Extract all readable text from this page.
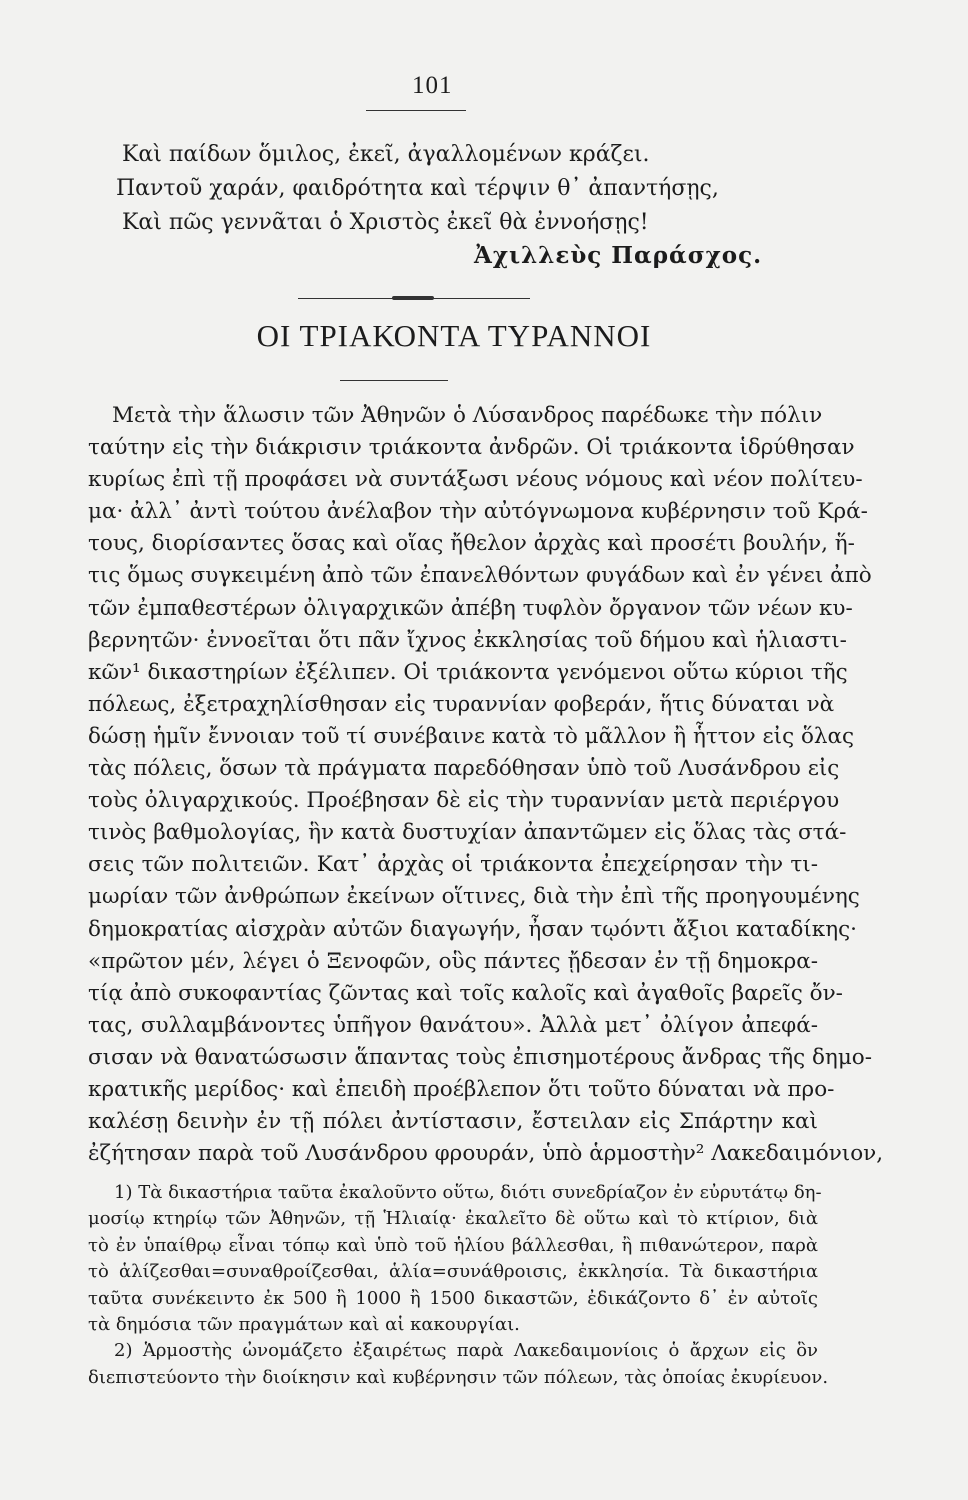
101
Καὶ παίδων ὅμιλος, ἐκεῖ, ἀγαλλομένων κράζει.
Παντοῦ χαράν, φαιδρότητα καὶ τέρψιν θ᾽ ἀπαντήσῃς,
Καὶ πῶς γεννᾶται ὁ Χριστὸς ἐκεῖ θὰ ἐννοήσῃς!
Ἀχιλλεὺς Παράσχος.
ΟΙ ΤΡΙΑΚΟΝΤΑ ΤΥΡΑΝΝΟΙ
Μετὰ τὴν ἅλωσιν τῶν Ἀθηνῶν ὁ Λύσανδρος παρέδωκε τὴν πόλιν
ταύτην εἰς τὴν διάκρισιν τριάκοντα ἀνδρῶν. Οἱ τριάκοντα ἱδρύθησαν
κυρίως ἐπὶ τῇ προφάσει νὰ συντάξωσι νέους νόμους καὶ νέον πολίτευ-
μα· ἀλλ᾽ ἀντὶ τούτου ἀνέλαβον τὴν αὐτόγνωμονα κυβέρνησιν τοῦ Κρά-
τους, διορίσαντες ὅσας καὶ οἵας ἤθελον ἀρχὰς καὶ προσέτι βουλήν, ἥ-
τις ὅμως συγκειμένη ἀπὸ τῶν ἐπανελθόντων φυγάδων καὶ ἐν γένει ἀπὸ
τῶν ἐμπαθεστέρων ὀλιγαρχικῶν ἀπέβη τυφλὸν ὄργανον τῶν νέων κυ-
βερνητῶν· ἐννοεῖται ὅτι πᾶν ἴχνος ἐκκλησίας τοῦ δήμου καὶ ἡλιαστι-
κῶν¹ δικαστηρίων ἐξέλιπεν. Οἱ τριάκοντα γενόμενοι οὕτω κύριοι τῆς
πόλεως, ἐξετραχηλίσθησαν εἰς τυραννίαν φοβεράν, ἥτις δύναται νὰ
δώσῃ ἡμῖν ἔννοιαν τοῦ τί συνέβαινε κατὰ τὸ μᾶλλον ἢ ἧττον εἰς ὅλας
τὰς πόλεις, ὅσων τὰ πράγματα παρεδόθησαν ὑπὸ τοῦ Λυσάνδρου εἰς
τοὺς ὀλιγαρχικούς. Προέβησαν δὲ εἰς τὴν τυραννίαν μετὰ περιέργου
τινὸς βαθμολογίας, ἣν κατὰ δυστυχίαν ἀπαντῶμεν εἰς ὅλας τὰς στά-
σεις τῶν πολιτειῶν. Κατ᾽ ἀρχὰς οἱ τριάκοντα ἐπεχείρησαν τὴν τι-
μωρίαν τῶν ἀνθρώπων ἐκείνων οἵτινες, διὰ τὴν ἐπὶ τῆς προηγουμένης
δημοκρατίας αἰσχρὰν αὐτῶν διαγωγήν, ἦσαν τῳόντι ἄξιοι καταδίκης·
«πρῶτον μέν, λέγει ὁ Ξενοφῶν, οὓς πάντες ᾔδεσαν ἐν τῇ δημοκρα-
τίᾳ ἀπὸ συκοφαντίας ζῶντας καὶ τοῖς καλοῖς καὶ ἀγαθοῖς βαρεῖς ὄν-
τας, συλλαμβάνοντες ὑπῆγον θανάτου». Ἀλλὰ μετ᾽ ὀλίγον ἀπεφά-
σισαν νὰ θανατώσωσιν ἅπαντας τοὺς ἐπισημοτέρους ἄνδρας τῆς δημο-
κρατικῆς μερίδος· καὶ ἐπειδὴ προέβλεπον ὅτι τοῦτο δύναται νὰ προ-
καλέσῃ δεινὴν ἐν τῇ πόλει ἀντίστασιν, ἔστειλαν εἰς Σπάρτην καὶ
ἐζήτησαν παρὰ τοῦ Λυσάνδρου φρουράν, ὑπὸ ἁρμοστὴν² Λακεδαιμόνιον,
1) Τὰ δικαστήρια ταῦτα ἐκαλοῦντο οὕτω, διότι συνεδρίαζον ἐν εὐρυτάτῳ δη-
μοσίῳ κτηρίῳ τῶν Ἀθηνῶν, τῇ Ἡλιαίᾳ· ἐκαλεῖτο δὲ οὕτω καὶ τὸ κτίριον, διὰ
τὸ ἐν ὑπαίθρῳ εἶναι τόπῳ καὶ ὑπὸ τοῦ ἡλίου βάλλεσθαι, ἢ πιθανώτερον, παρὰ
τὸ ἁλίζεσθαι=συναθροίζεσθαι, ἁλία=συνάθροισις, ἐκκλησία. Τὰ δικαστήρια
ταῦτα συνέκειντο ἐκ 500 ἢ 1000 ἢ 1500 δικαστῶν, ἐδικάζοντο δ᾽ ἐν αὐτοῖς
τὰ δημόσια τῶν πραγμάτων καὶ αἱ κακουργίαι.
2) Ἁρμοστὴς ὠνομάζετο ἐξαιρέτως παρὰ Λακεδαιμονίοις ὁ ἄρχων εἰς ὃν
διεπιστεύοντο τὴν διοίκησιν καὶ κυβέρνησιν τῶν πόλεων, τὰς ὁποίας ἐκυρίευον.
